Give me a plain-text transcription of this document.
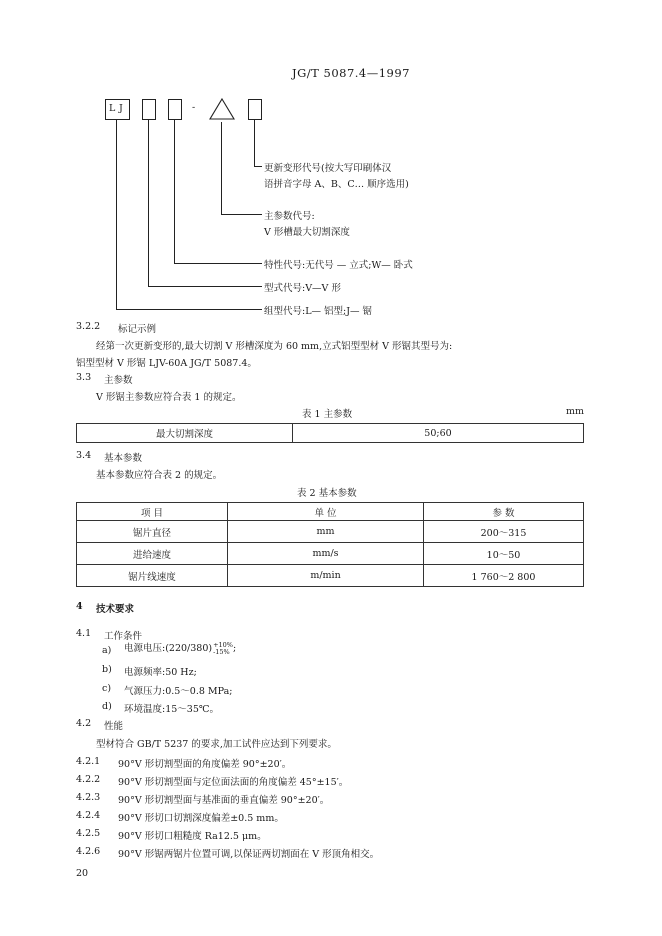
JG/T 5087.4—1997
L J	-
更新变形代号(按大写印刷体汉
语拼音字母 A、B、C… 顺序选用)
主参数代号:
V 形槽最大切割深度
特性代号:无代号 — 立式;W— 卧式
型式代号:V—V 形
组型代号:L— 铝型;J— 锯
3.2.2 标记示例
经第一次更新变形的,最大切割 V 形槽深度为 60 mm,立式铝型型材 V 形锯其型号为:
铝型型材 V 形锯 LJV-60A JG/T 5087.4。
3.3 主参数
V 形锯主参数应符合表 1 的规定。
表 1 主参数	mm
最大切割深度	50;60
3.4 基本参数
基本参数应符合表 2 的规定。
表 2 基本参数
项 目	单 位	参 数
锯片直径	mm	200～315
进给速度	mm/s	10～50
锯片线速度	m/min	1 760～2 800
4 技术要求
4.1 工作条件
a) 电源电压:(220/380) +10%
-15% ;
b) 电源频率:50 Hz;
c) 气源压力:0.5～0.8 MPa;
d) 环境温度:15～35℃。
4.2 性能
型材符合 GB/T 5237 的要求,加工试件应达到下列要求。
4.2.1 90°V 形切割型面的角度偏差 90°±20′。
4.2.2 90°V 形切割型面与定位面法面的角度偏差 45°±15′。
4.2.3 90°V 形切割型面与基准面的垂直偏差 90°±20′。
4.2.4 90°V 形切口切割深度偏差±0.5 mm。
4.2.5 90°V 形切口粗糙度 Ra12.5 μm。
4.2.6 90°V 形锯两锯片位置可调,以保证两切割面在 V 形顶角相交。
20
